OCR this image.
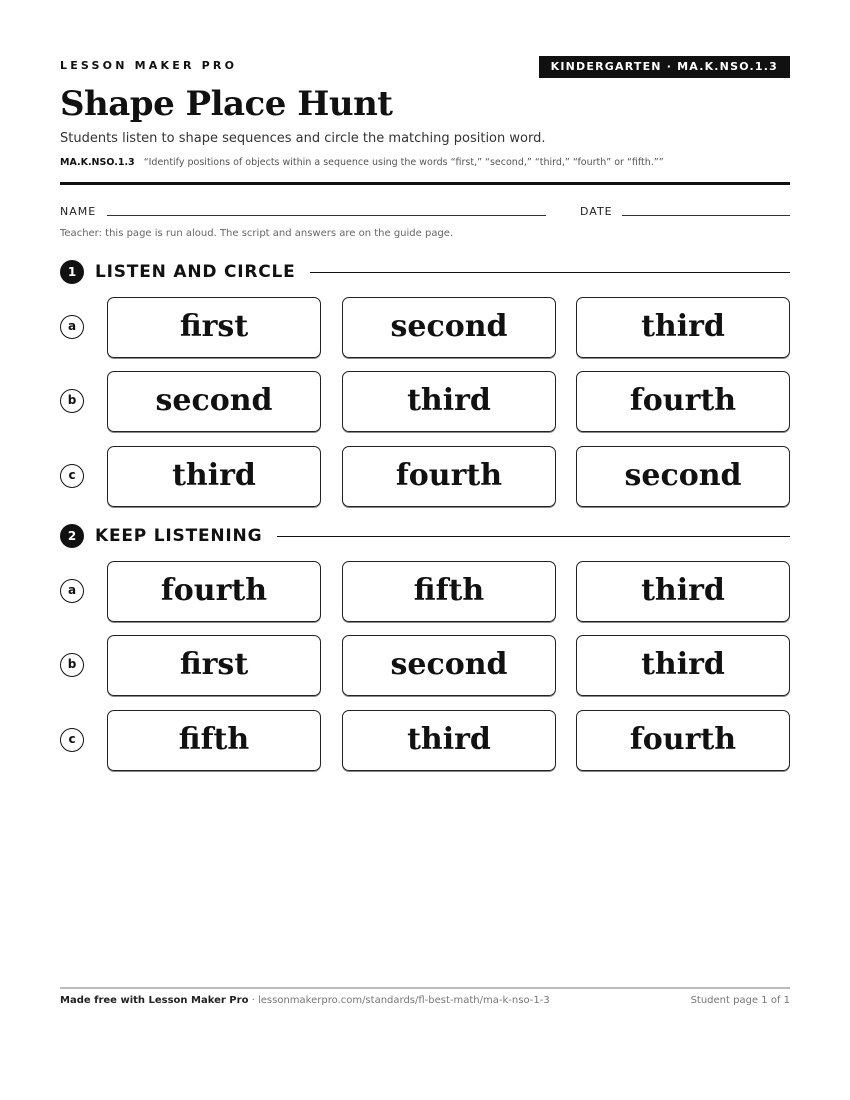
LESSON MAKER PRO	KINDERGARTEN · MA.K.NSO.1.3
Shape Place Hunt
Students listen to shape sequences and circle the matching position word.
MA.K.NSO.1.3 “Identify positions of objects within a sequence using the words “first,” “second,” “third,” “fourth” or “fifth.””
NAME	DATE
Teacher: this page is run aloud. The script and answers are on the guide page.
1	LISTEN AND CIRCLE
a	first	second	third
b	second	third	fourth
c	third	fourth	second
2	KEEP LISTENING
a	fourth	fifth	third
b	first	second	third
c	fifth	third	fourth
Made free with Lesson Maker Pro · lessonmakerpro.com/standards/fl-best-math/ma-k-nso-1-3	Student page 1 of 1
